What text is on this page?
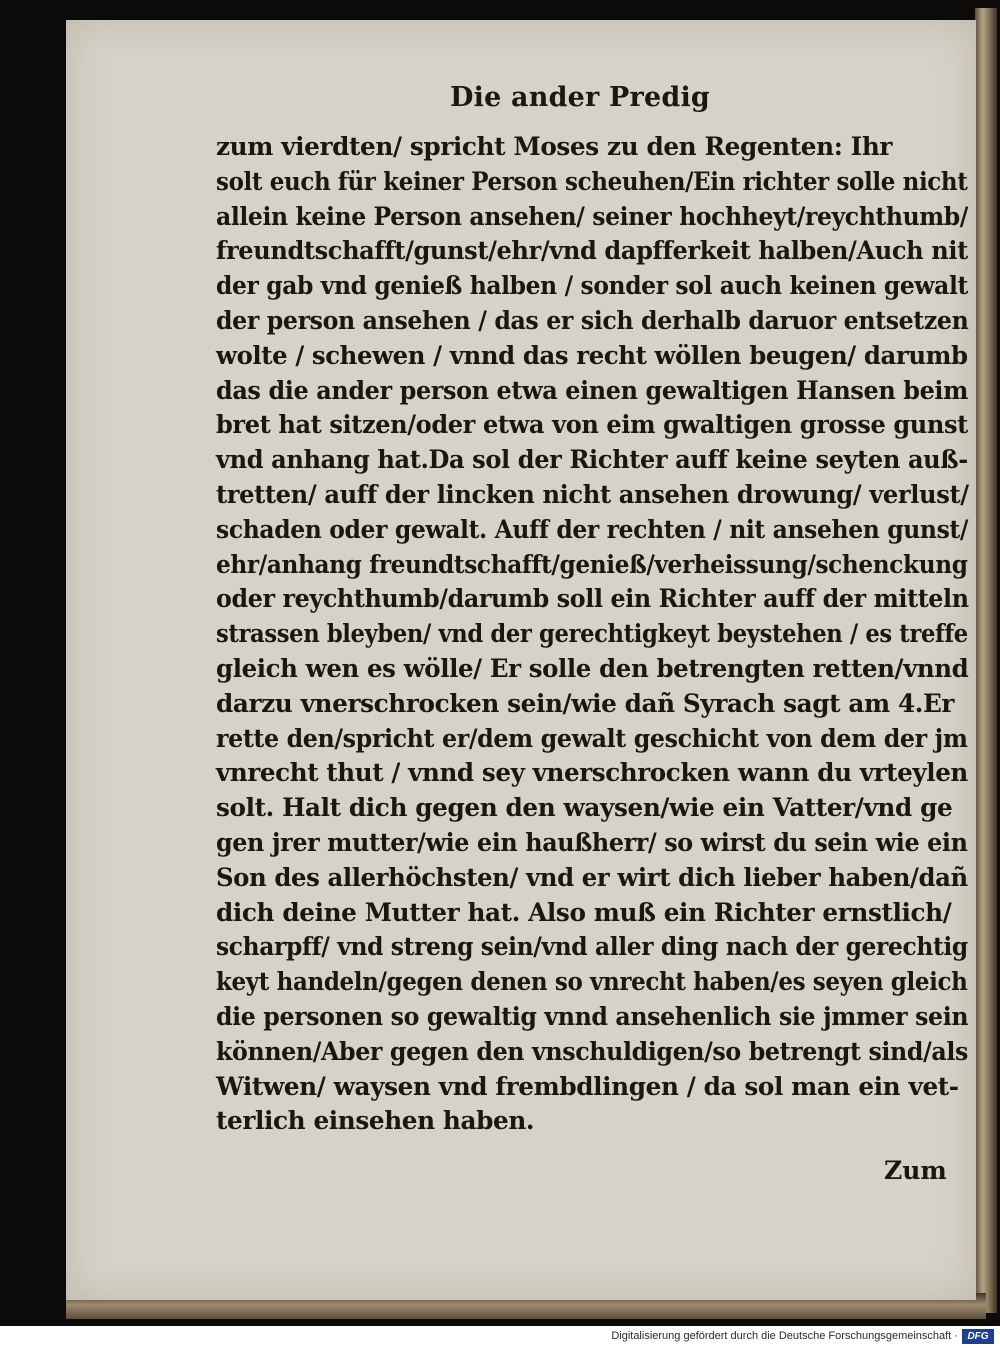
Die ander Predig
zum vierdten/ spricht Moses zu den Regenten: Ihr
solt euch für keiner Person scheuhen/Ein richter solle nicht
allein keine Person ansehen/ seiner hochheyt/reychthumb/
freundtschafft/gunst/ehr/vnd dapfferkeit halben/Auch nit
der gab vnd genieß halben / sonder sol auch keinen gewalt
der person ansehen / das er sich derhalb daruor entsetzen
wolte / schewen / vnnd das recht wöllen beugen/ darumb
das die ander person etwa einen gewaltigen Hansen beim
bret hat sitzen/oder etwa von eim gwaltigen grosse gunst
vnd anhang hat.Da sol der Richter auff keine seyten auß-
tretten/ auff der lincken nicht ansehen drowung/ verlust/
schaden oder gewalt. Auff der rechten / nit ansehen gunst/
ehr/anhang freundtschafft/genieß/verheissung/schenckung
oder reychthumb/darumb soll ein Richter auff der mitteln
strassen bleyben/ vnd der gerechtigkeyt beystehen / es treffe
gleich wen es wölle/ Er solle den betrengten retten/vnnd
darzu vnerschrocken sein/wie dañ Syrach sagt am 4.Er
rette den/spricht er/dem gewalt geschicht von dem der jm
vnrecht thut / vnnd sey vnerschrocken wann du vrteylen
solt. Halt dich gegen den waysen/wie ein Vatter/vnd ge
gen jrer mutter/wie ein haußherr/ so wirst du sein wie ein
Son des allerhöchsten/ vnd er wirt dich lieber haben/dañ
dich deine Mutter hat. Also muß ein Richter ernstlich/
scharpff/ vnd streng sein/vnd aller ding nach der gerechtig
keyt handeln/gegen denen so vnrecht haben/es seyen gleich
die personen so gewaltig vnnd ansehenlich sie jmmer sein
können/Aber gegen den vnschuldigen/so betrengt sind/als
Witwen/ waysen vnd frembdlingen / da sol man ein vet-
terlich einsehen haben.
Zum
Digitalisierung gefördert durch die Deutsche Forschungsgemeinschaft · DFG
